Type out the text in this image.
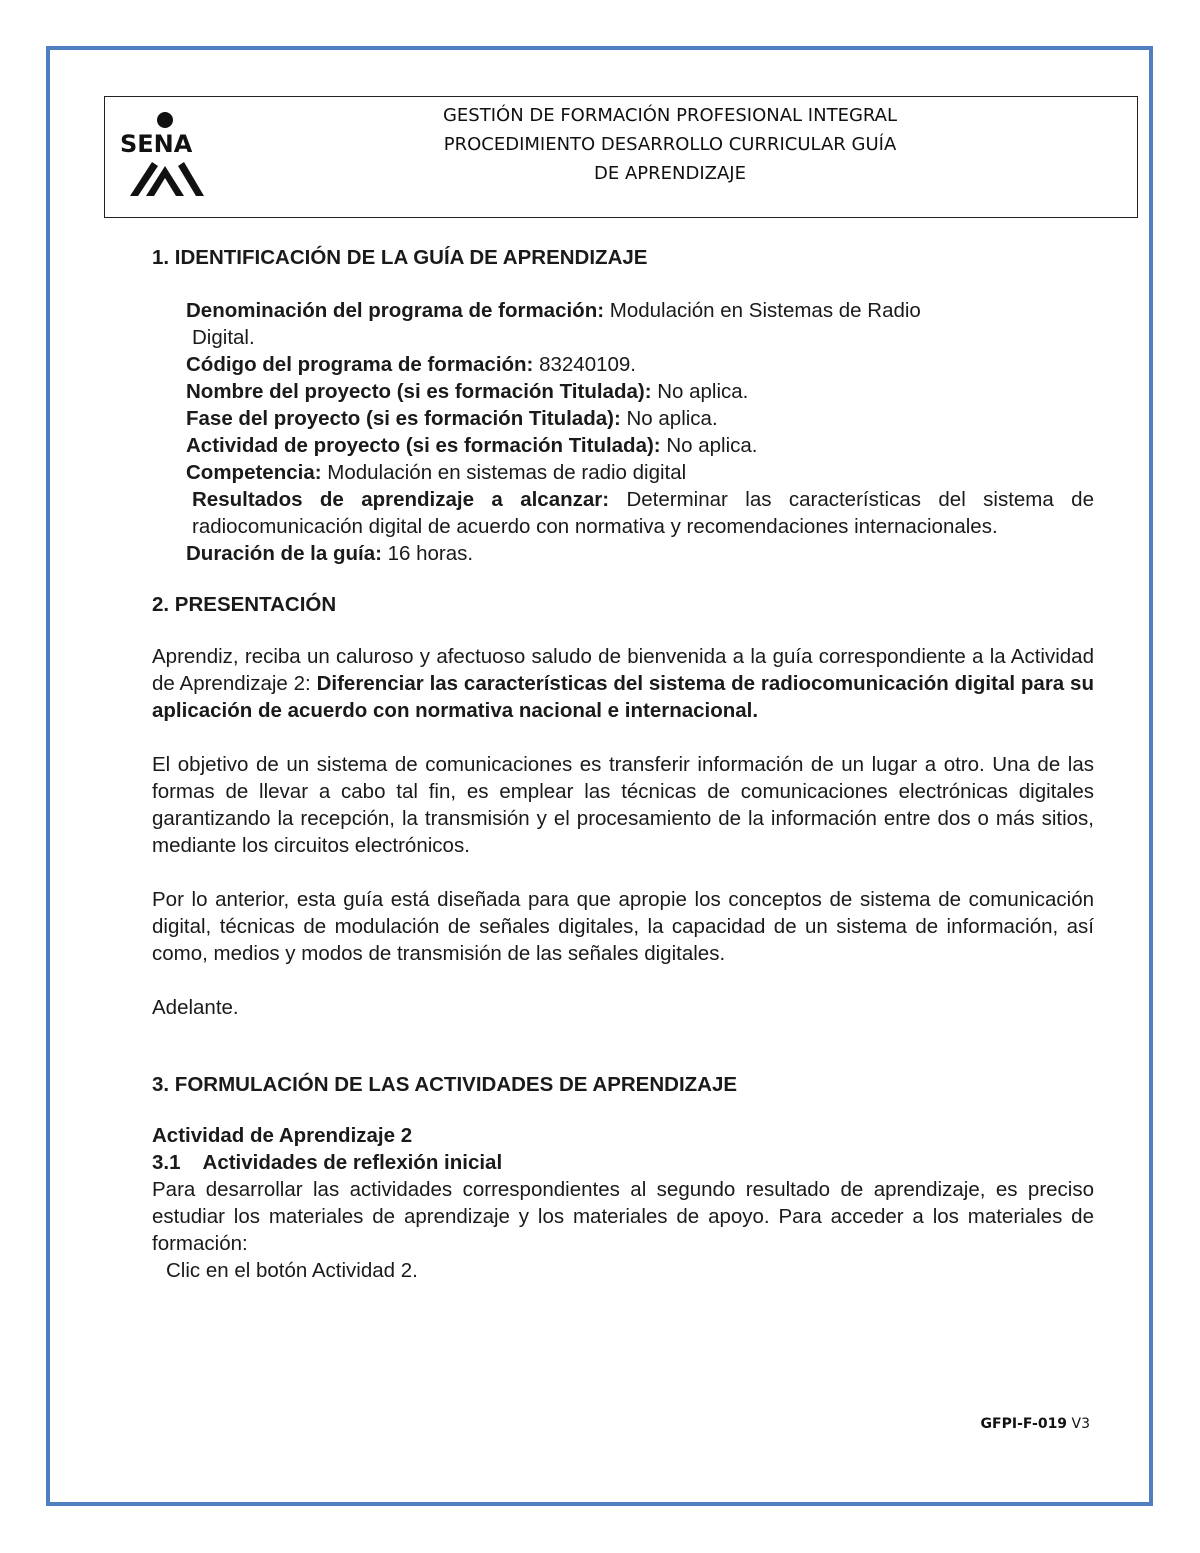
SENA
GESTIÓN DE FORMACIÓN PROFESIONAL INTEGRAL
PROCEDIMIENTO DESARROLLO CURRICULAR GUÍA
DE APRENDIZAJE

1. IDENTIFICACIÓN DE LA GUÍA DE APRENDIZAJE

Denominación del programa de formación: Modulación en Sistemas de Radio

Digital.

Código del programa de formación: 83240109.

Nombre del proyecto (si es formación Titulada): No aplica.

Fase del proyecto (si es formación Titulada): No aplica.

Actividad de proyecto (si es formación Titulada): No aplica.

Competencia: Modulación en sistemas de radio digital

Resultados de aprendizaje a alcanzar: Determinar las características del sistema de radiocomunicación digital de acuerdo con normativa y recomendaciones internacionales.

Duración de la guía: 16 horas.

2. PRESENTACIÓN

Aprendiz, reciba un caluroso y afectuoso saludo de bienvenida a la guía correspondiente a la Actividad de Aprendizaje 2: Diferenciar las características del sistema de radiocomunicación digital para su aplicación de acuerdo con normativa nacional e internacional.

El objetivo de un sistema de comunicaciones es transferir información de un lugar a otro. Una de las formas de llevar a cabo tal fin, es emplear las técnicas de comunicaciones electrónicas digitales garantizando la recepción, la transmisión y el procesamiento de la información entre dos o más sitios, mediante los circuitos electrónicos.

Por lo anterior, esta guía está diseñada para que apropie los conceptos de sistema de comunicación digital, técnicas de modulación de señales digitales, la capacidad de un sistema de información, así como, medios y modos de transmisión de las señales digitales.

Adelante.

3. FORMULACIÓN DE LAS ACTIVIDADES DE APRENDIZAJE

Actividad de Aprendizaje 2

3.1    Actividades de reflexión inicial

Para desarrollar las actividades correspondientes al segundo resultado de aprendizaje, es preciso estudiar los materiales de aprendizaje y los materiales de apoyo. Para acceder a los materiales de formación:

Clic en el botón Actividad 2.

GFPI-F-019 V3
